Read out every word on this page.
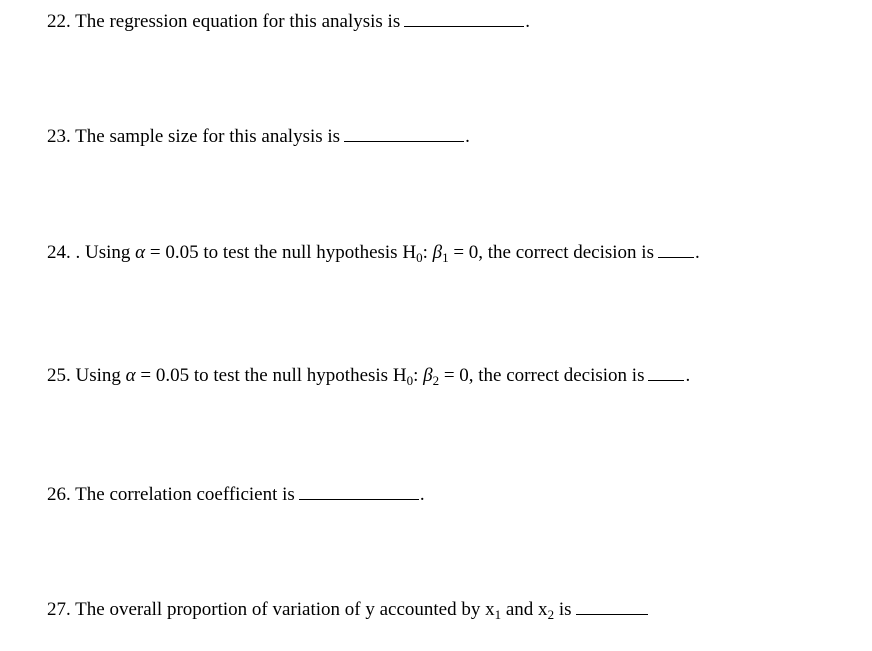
22. The regression equation for this analysis is	.
23. The sample size for this analysis is	.
24. . Using α = 0.05 to test the null hypothesis $H_0$: $\beta_1 = 0$, the correct decision is .
25. Using α = 0.05 to test the null hypothesis $H_0$: $\beta_2 = 0$, the correct decision is .
26. The correlation coefficient is	.
27. The overall proportion of variation of y accounted by $x_1$ and $x_2$ is
